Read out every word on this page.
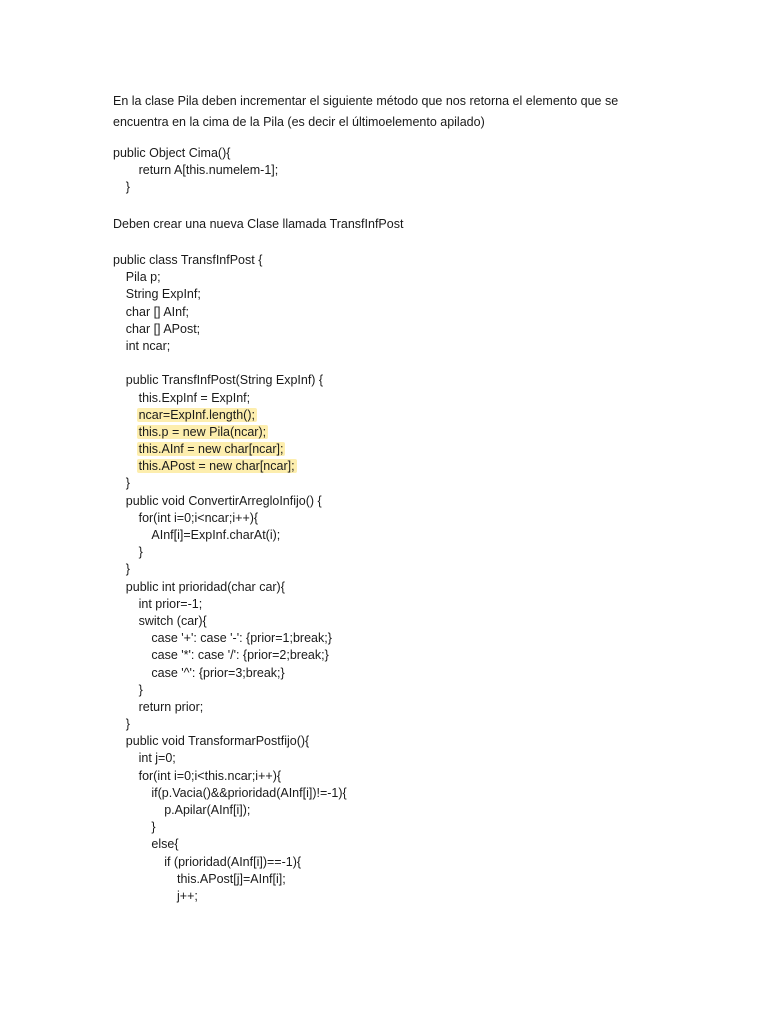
En la clase Pila deben incrementar el siguiente método que nos retorna el elemento que se
encuentra en la cima de la Pila (es decir el últimoelemento apilado)

public Object Cima(){
return A[this.numelem-1];
}

Deben crear una nueva Clase llamada TransfInfPost

public class TransfInfPost {
Pila p;
String ExpInf;
char [] AInf;
char [] APost;
int ncar;
public TransfInfPost(String ExpInf) {
this.ExpInf = ExpInf;
ncar=ExpInf.length();
this.p = new Pila(ncar);
this.AInf = new char[ncar];
this.APost = new char[ncar];
}
public void ConvertirArregloInfijo() {
for(int i=0;i<ncar;i++){
AInf[i]=ExpInf.charAt(i);
}
}
public int prioridad(char car){
int prior=-1;
switch (car){
case '+': case '-': {prior=1;break;}
case '*': case '/': {prior=2;break;}
case '^': {prior=3;break;}
}
return prior;
}
public void TransformarPostfijo(){
int j=0;
for(int i=0;i<this.ncar;i++){
if(p.Vacia()&&prioridad(AInf[i])!=-1){
p.Apilar(AInf[i]);
}
else{
if (prioridad(AInf[i])==-1){
this.APost[j]=AInf[i];
j++;
